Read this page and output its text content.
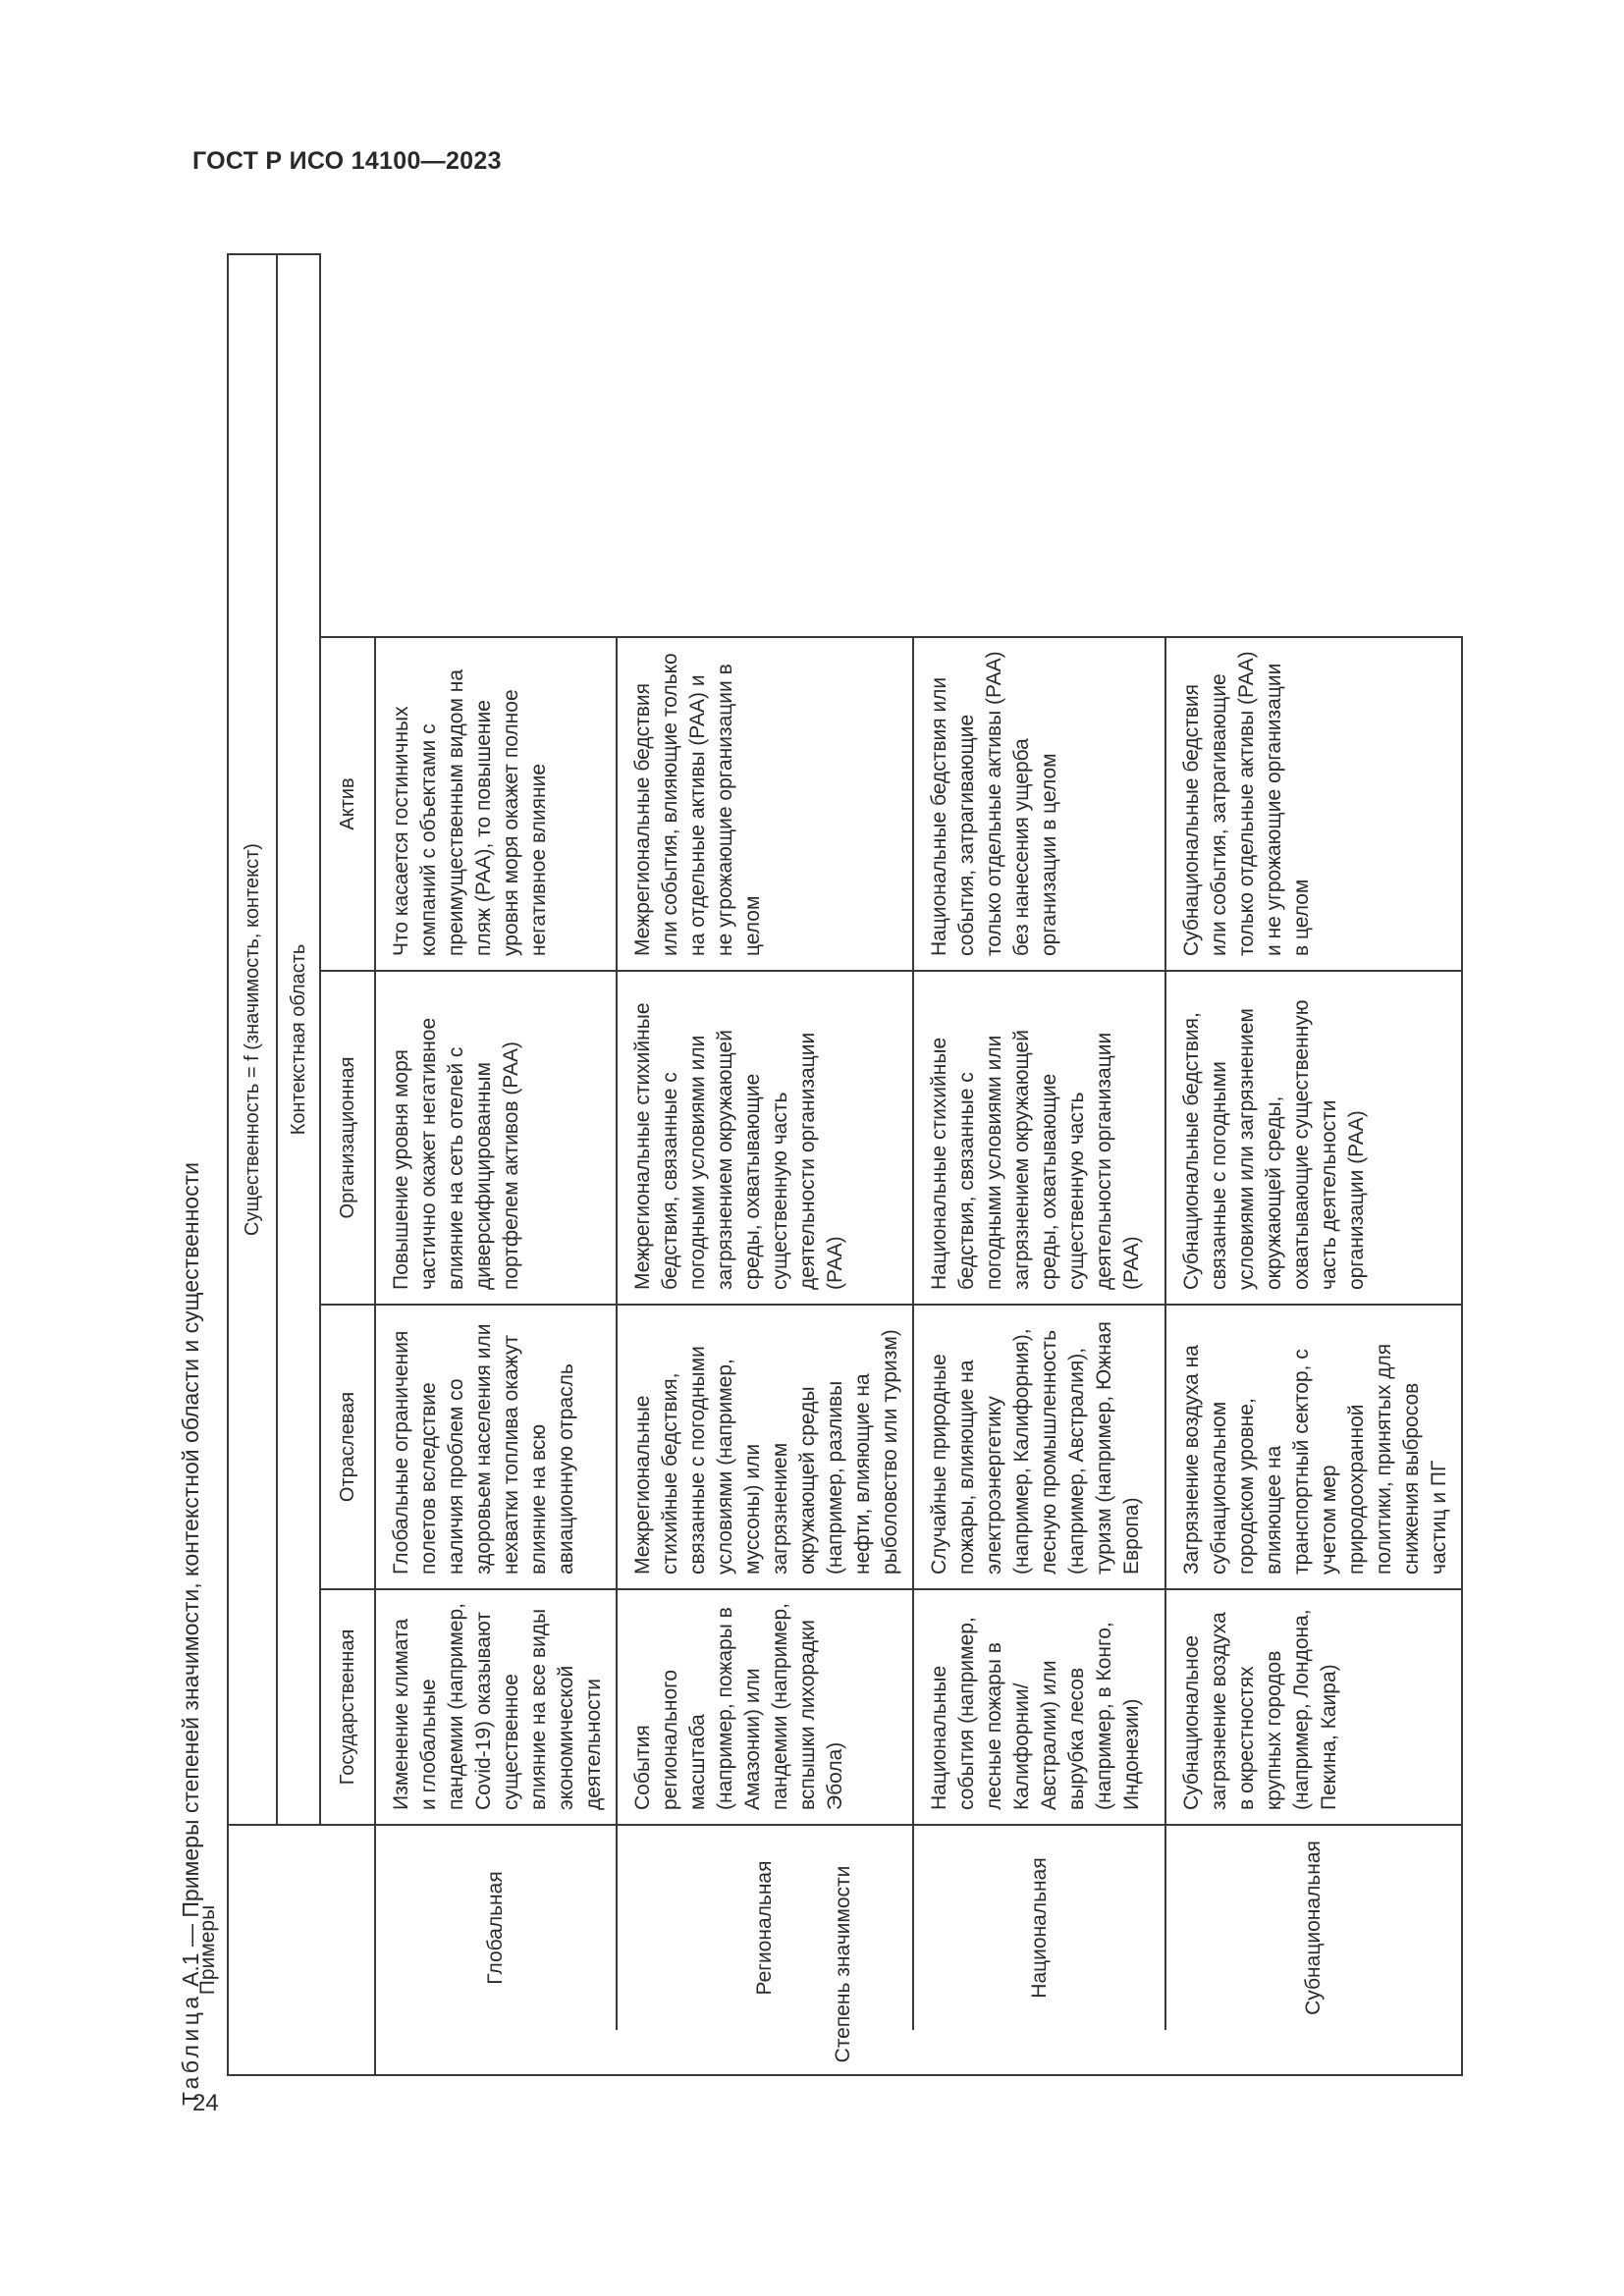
ГОСТ Р ИСО 14100—2023
24
Таблица А.1 — Примеры степеней значимости, контекстной области и существенности
Примеры		Существенность = f (значимость, контекст)			
		Контекстная область			
		Государственная	Отраслевая	Организационная	Актив
	Глобальная	Изменение климата и глобальные пандемии (например, Covid-19) оказывают существенное влияние на все виды экономической деятельности	Глобальные ограничения полетов вследствие наличия проблем со здоровьем населения или нехватки топлива окажут влияние на всю авиационную отрасль	Повышение уровня моря частично окажет негативное влияние на сеть отелей с диверсифицированным портфелем активов (РАА)	Что касается гостиничных компаний с объектами с преимущественным видом на пляж (РАА), то повышение уровня моря окажет полное негативное влияние

	Региональная	События регионального масштаба (например, пожары в Амазонии) или пандемии (например, вспышки лихорадки Эбола)	Межрегиональные стихийные бедствия, связанные с погодными условиями (например, муссоны) или загрязнением окружающей среды (например, разливы нефти, влияющие на рыболовство или туризм)	Межрегиональные стихийные бедствия, связанные с погодными условиями или загрязнением окружающей среды, охватывающие существенную часть деятельности организации (РАА)	Межрегиональные бедствия или события, влияющие только на отдельные активы (РАА) и не угрожающие организации в целом

	Национальная	Национальные события (например, лесные пожары в Калифорнии/ Австралии) или вырубка лесов (например, в Конго, Индонезии)	Случайные природные пожары, влияющие на электроэнергетику (например, Калифорния), лесную промышленность (например, Австралия), туризм (например, Южная Европа)	Национальные стихийные бедствия, связанные с погодными условиями или загрязнением окружающей среды, охватывающие существенную часть деятельности организации (РАА)	Национальные бедствия или события, затрагивающие только отдельные активы (РАА) без нанесения ущерба организации в целом

	Субнациональная	Субнациональное загрязнение воздуха в окрестностях крупных городов (например, Лондона, Пекина, Каира)	Загрязнение воздуха на субнациональном городском уровне, влияющее на транспортный сектор, с учетом мер природоохранной политики, принятых для снижения выбросов частиц и ПГ	Субнациональные бедствия, связанные с погодными условиями или загрязнением окружающей среды, охватывающие существенную часть деятельности организации (РАА)	Субнациональные бедствия или события, затрагивающие только отдельные активы (РАА) и не угрожающие организации в целом
Степень значимости
